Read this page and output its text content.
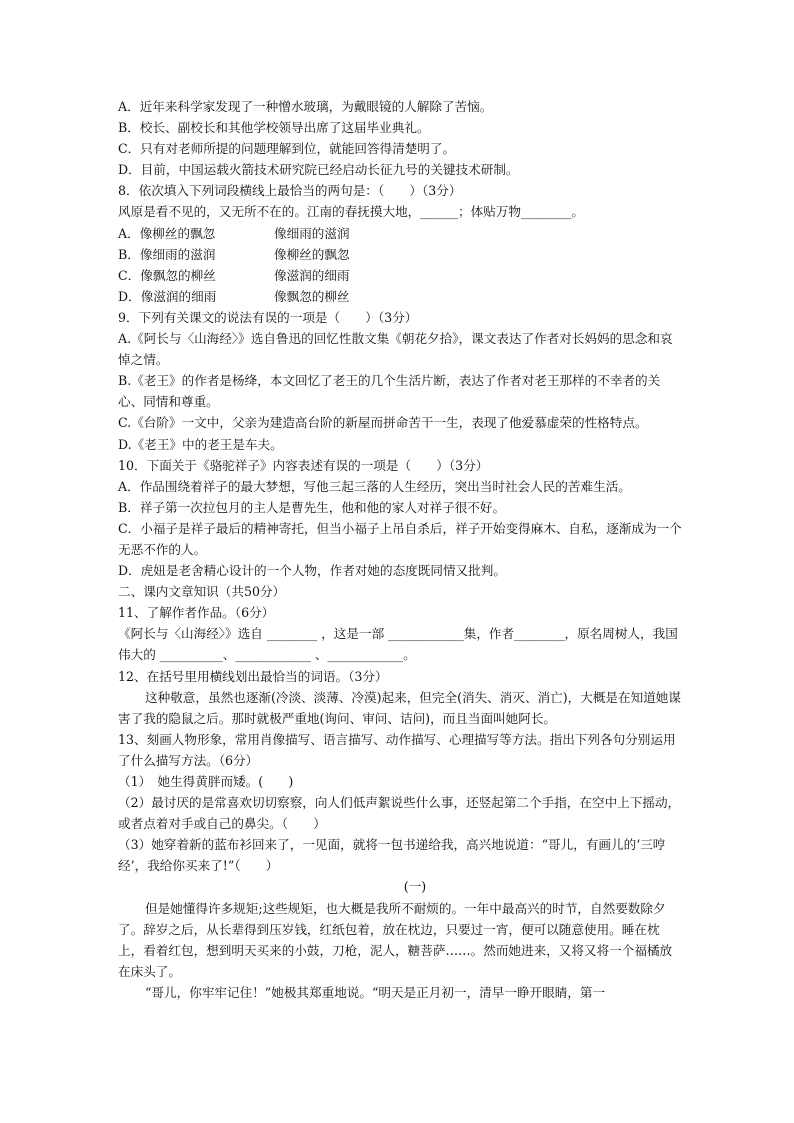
A．近年来科学家发现了一种憎水玻璃，为戴眼镜的人解除了苦恼。
B．校长、副校长和其他学校领导出席了这届毕业典礼。
C．只有对老师所提的问题理解到位，就能回答得清楚明了。
D．目前，中国运载火箭技术研究院已经启动长征九号的关键技术研制。
8．依次填入下列词段横线上最恰当的两句是：（　　）（3分）
风原是看不见的，又无所不在的。江南的春抚摸大地，______；体贴万物________。
A．像柳丝的飘忽	像细雨的滋润
B．像细雨的滋润	像柳丝的飘忽
C．像飘忽的柳丝	像滋润的细雨
D．像滋润的细雨	像飘忽的柳丝
9．下列有关课文的说法有误的一项是（　　）（3分）
A.《阿长与〈山海经〉》选自鲁迅的回忆性散文集《朝花夕拾》，课文表达了作者对长妈妈的思念和哀悼之情。
B.《老王》的作者是杨绛，本文回忆了老王的几个生活片断，表达了作者对老王那样的不幸者的关心、同情和尊重。
C.《台阶》一文中，父亲为建造高台阶的新屋而拼命苦干一生，表现了他爱慕虚荣的性格特点。
D.《老王》中的老王是车夫。
10．下面关于《骆驼祥子》内容表述有误的一项是（　　）（3分）
A．作品围绕着祥子的最大梦想，写他三起三落的人生经历，突出当时社会人民的苦难生活。
B．祥子第一次拉包月的主人是曹先生，他和他的家人对祥子很不好。
C．小福子是祥子最后的精神寄托，但当小福子上吊自杀后，祥子开始变得麻木、自私，逐渐成为一个无恶不作的人。
D．虎妞是老舍精心设计的一个人物，作者对她的态度既同情又批判。
二、课内文章知识（共50分）
11、了解作者作品。（6分）
《阿长与〈山海经〉》选自 ________ ，这是一部 ____________集，作者________，原名周树人，我国伟大的 __________、____________ 、____________。
12、在括号里用横线划出最恰当的词语。（3分）
这种敬意，虽然也逐渐(冷淡、淡薄、冷漠)起来，但完全(消失、消灭、消亡)，大概是在知道她谋害了我的隐鼠之后。那时就极严重地(询问、审问、诘问)，而且当面叫她阿长。
13、刻画人物形象，常用肖像描写、语言描写、动作描写、心理描写等方法。指出下列各句分别运用了什么描写方法。（6分）
（1）　她生得黄胖而矮。(　　)
（2）最讨厌的是常喜欢切切察察，向人们低声絮说些什么事，还竖起第二个手指，在空中上下摇动，或者点着对手或自己的鼻尖。（　　）
（3）她穿着新的蓝布衫回来了，一见面，就将一包书递给我，高兴地说道：“哥儿，有画儿的‘三哼经’，我给你买来了!”（　　）
(一)
但是她懂得许多规矩;这些规矩，也大概是我所不耐烦的。一年中最高兴的时节，自然要数除夕了。辞岁之后，从长辈得到压岁钱，红纸包着，放在枕边，只要过一宵，便可以随意使用。睡在枕上，看着红包，想到明天买来的小鼓，刀枪，泥人，糖菩萨……。然而她进来，又将又将一个福橘放在床头了。
“哥儿，你牢牢记住！”她极其郑重地说。“明天是正月初一，清早一睁开眼睛，第一
